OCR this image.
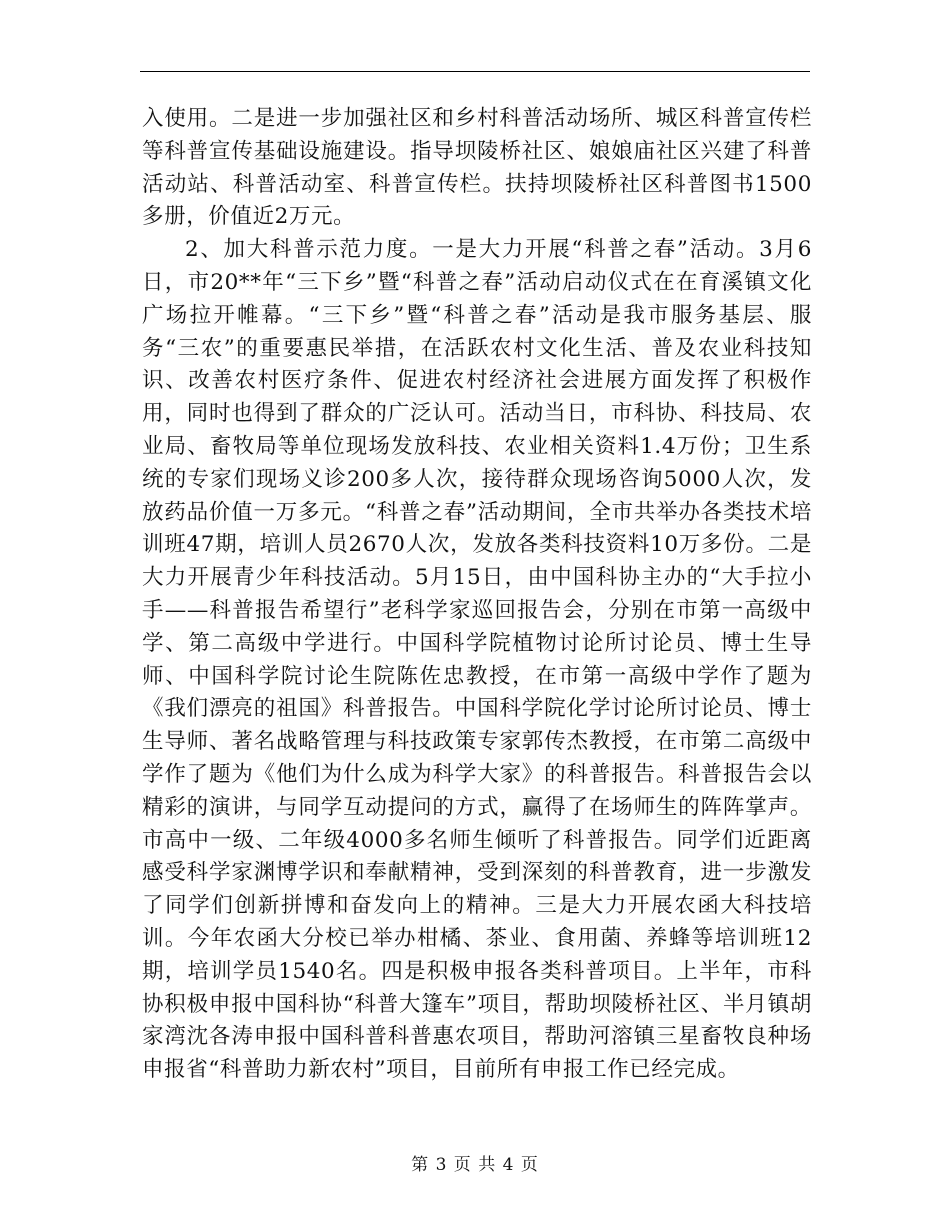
入使用。二是进一步加强社区和乡村科普活动场所、城区科普宣传栏等科普宣传基础设施建设。指导坝陵桥社区、娘娘庙社区兴建了科普活动站、科普活动室、科普宣传栏。扶持坝陵桥社区科普图书1500多册，价值近2万元。

2、加大科普示范力度。一是大力开展“科普之春”活动。3月6日，市20**年“三下乡”暨“科普之春”活动启动仪式在在育溪镇文化广场拉开帷幕。“三下乡”暨“科普之春”活动是我市服务基层、服务“三农”的重要惠民举措，在活跃农村文化生活、普及农业科技知识、改善农村医疗条件、促进农村经济社会进展方面发挥了积极作用，同时也得到了群众的广泛认可。活动当日，市科协、科技局、农业局、畜牧局等单位现场发放科技、农业相关资料1.4万份；卫生系统的专家们现场义诊200多人次，接待群众现场咨询5000人次，发放药品价值一万多元。“科普之春”活动期间，全市共举办各类技术培训班47期，培训人员2670人次，发放各类科技资料10万多份。二是大力开展青少年科技活动。5月15日，由中国科协主办的“大手拉小手——科普报告希望行”老科学家巡回报告会，分别在市第一高级中学、第二高级中学进行。中国科学院植物讨论所讨论员、博士生导师、中国科学院讨论生院陈佐忠教授，在市第一高级中学作了题为《我们漂亮的祖国》科普报告。中国科学院化学讨论所讨论员、博士生导师、著名战略管理与科技政策专家郭传杰教授，在市第二高级中学作了题为《他们为什么成为科学大家》的科普报告。科普报告会以精彩的演讲，与同学互动提问的方式，赢得了在场师生的阵阵掌声。市高中一级、二年级4000多名师生倾听了科普报告。同学们近距离感受科学家渊博学识和奉献精神，受到深刻的科普教育，进一步激发了同学们创新拼博和奋发向上的精神。三是大力开展农函大科技培训。今年农函大分校已举办柑橘、茶业、食用菌、养蜂等培训班12期，培训学员1540名。四是积极申报各类科普项目。上半年，市科协积极申报中国科协“科普大篷车”项目，帮助坝陵桥社区、半月镇胡家湾沈各涛申报中国科普科普惠农项目，帮助河溶镇三星畜牧良种场申报省“科普助力新农村”项目，目前所有申报工作已经完成。

第 3 页 共 4 页
